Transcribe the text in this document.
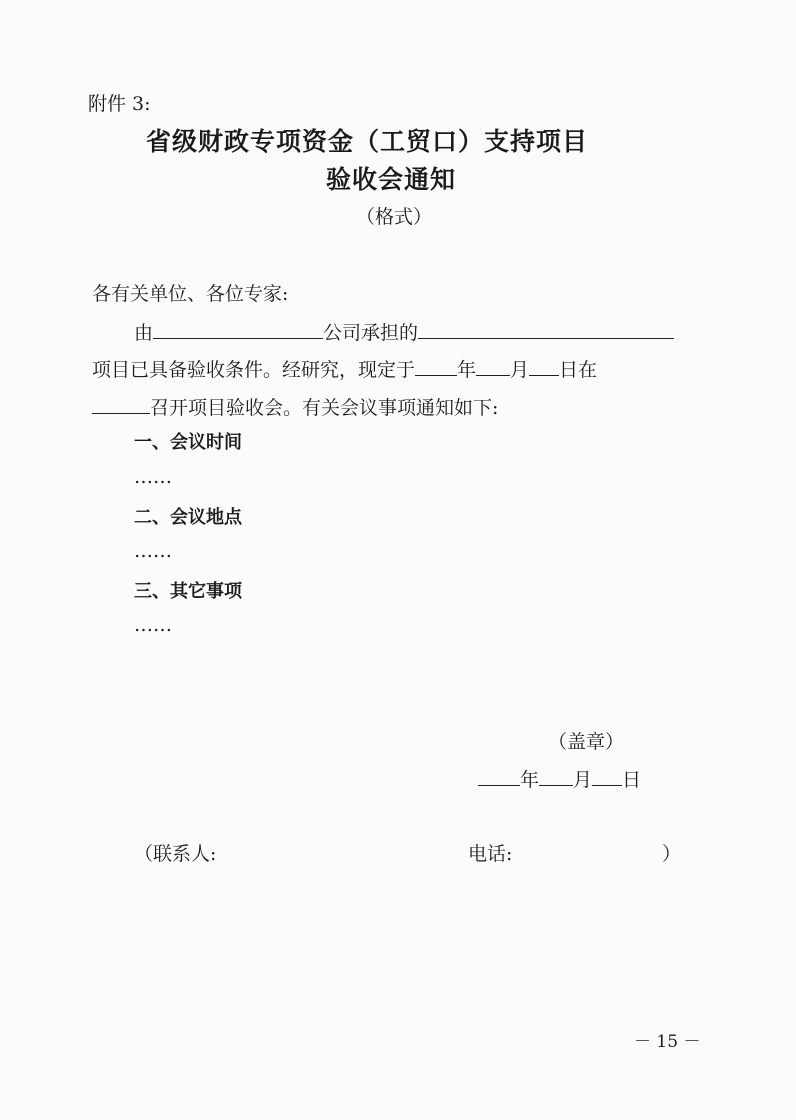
附件 3:
省级财政专项资金（工贸口）支持项目
验收会通知
（格式）
各有关单位、各位专家:
由	公司承担的
项目已具备验收条件。经研究，现定于 年 月 日在
召开项目验收会。有关会议事项通知如下:
一、会议时间
……
二、会议地点
……
三、其它事项
……
（盖章）
年 月 日
（联系人:	电话:	）
－ 15 －
